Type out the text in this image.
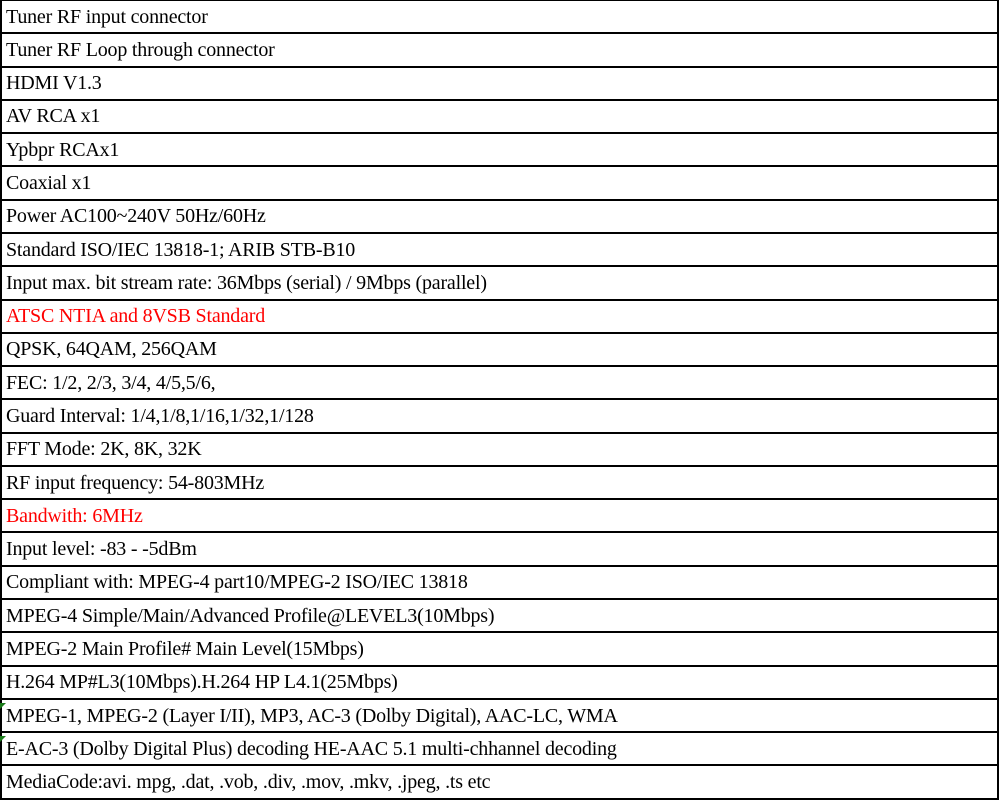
Tuner RF input connector
Tuner RF Loop through connector
HDMI V1.3
AV RCA x1
Ypbpr RCAx1
Coaxial x1
Power AC100~240V 50Hz/60Hz
Standard ISO/IEC 13818-1; ARIB STB-B10
Input max. bit stream rate: 36Mbps (serial) / 9Mbps (parallel)
ATSC NTIA and 8VSB Standard
QPSK, 64QAM, 256QAM
FEC: 1/2, 2/3, 3/4, 4/5,5/6,
Guard Interval: 1/4,1/8,1/16,1/32,1/128
FFT Mode: 2K, 8K, 32K
RF input frequency: 54-803MHz
Bandwith: 6MHz
Input level: -83 - -5dBm
Compliant with: MPEG-4 part10/MPEG-2 ISO/IEC 13818
MPEG-4 Simple/Main/Advanced Profile@LEVEL3(10Mbps)
MPEG-2 Main Profile# Main Level(15Mbps)
H.264 MP#L3(10Mbps).H.264 HP L4.1(25Mbps)
MPEG-1, MPEG-2 (Layer I/II), MP3, AC-3 (Dolby Digital), AAC-LC, WMA
E-AC-3 (Dolby Digital Plus) decoding HE-AAC 5.1 multi-chhannel decoding
MediaCode:avi. mpg, .dat, .vob, .div, .mov, .mkv, .jpeg, .ts etc
